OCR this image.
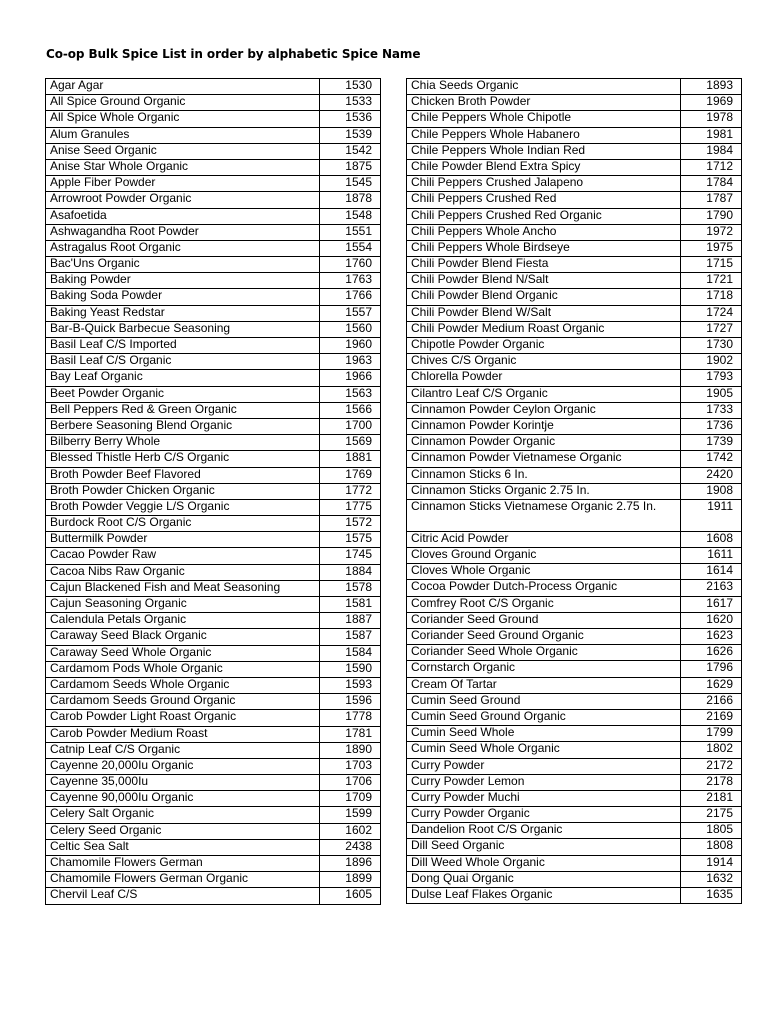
Co-op Bulk Spice List in order by alphabetic Spice Name
Agar Agar	1530
All Spice Ground Organic	1533
All Spice Whole Organic	1536
Alum Granules	1539
Anise Seed Organic	1542
Anise Star Whole Organic	1875
Apple Fiber Powder	1545
Arrowroot Powder Organic	1878
Asafoetida	1548
Ashwagandha Root Powder	1551
Astragalus Root Organic	1554
Bac'Uns Organic	1760
Baking Powder	1763
Baking Soda Powder	1766
Baking Yeast Redstar	1557
Bar-B-Quick Barbecue Seasoning	1560
Basil Leaf C/S Imported	1960
Basil Leaf C/S Organic	1963
Bay Leaf Organic	1966
Beet Powder Organic	1563
Bell Peppers Red & Green Organic	1566
Berbere Seasoning Blend Organic	1700
Bilberry Berry Whole	1569
Blessed Thistle Herb C/S Organic	1881
Broth Powder Beef Flavored	1769
Broth Powder Chicken Organic	1772
Broth Powder Veggie L/S Organic	1775
Burdock Root C/S Organic	1572
Buttermilk Powder	1575
Cacao Powder Raw	1745
Cacoa Nibs Raw Organic	1884
Cajun Blackened Fish and Meat Seasoning	1578
Cajun Seasoning Organic	1581
Calendula Petals Organic	1887
Caraway Seed Black Organic	1587
Caraway Seed Whole Organic	1584
Cardamom Pods Whole Organic	1590
Cardamom Seeds Whole Organic	1593
Cardamom Seeds Ground Organic	1596
Carob Powder Light Roast Organic	1778
Carob Powder Medium Roast	1781
Catnip Leaf C/S Organic	1890
Cayenne 20,000Iu Organic	1703
Cayenne 35,000Iu	1706
Cayenne 90,000Iu Organic	1709
Celery Salt Organic	1599
Celery Seed Organic	1602
Celtic Sea Salt	2438
Chamomile Flowers German	1896
Chamomile Flowers German Organic	1899
Chervil Leaf C/S	1605
Chia Seeds Organic	1893
Chicken Broth Powder	1969
Chile Peppers Whole Chipotle	1978
Chile Peppers Whole Habanero	1981
Chile Peppers Whole Indian Red	1984
Chile Powder Blend Extra Spicy	1712
Chili Peppers Crushed Jalapeno	1784
Chili Peppers Crushed Red	1787
Chili Peppers Crushed Red Organic	1790
Chili Peppers Whole Ancho	1972
Chili Peppers Whole Birdseye	1975
Chili Powder Blend Fiesta	1715
Chili Powder Blend N/Salt	1721
Chili Powder Blend Organic	1718
Chili Powder Blend W/Salt	1724
Chili Powder Medium Roast Organic	1727
Chipotle Powder Organic	1730
Chives C/S Organic	1902
Chlorella Powder	1793
Cilantro Leaf C/S Organic	1905
Cinnamon Powder Ceylon Organic	1733
Cinnamon Powder Korintje	1736
Cinnamon Powder Organic	1739
Cinnamon Powder Vietnamese Organic	1742
Cinnamon Sticks 6 In.	2420
Cinnamon Sticks Organic 2.75 In.	1908
Cinnamon Sticks Vietnamese Organic 2.75 In.	1911
Citric Acid Powder	1608
Cloves Ground Organic	1611
Cloves Whole Organic	1614
Cocoa Powder Dutch-Process Organic	2163
Comfrey Root C/S Organic	1617
Coriander Seed Ground	1620
Coriander Seed Ground Organic	1623
Coriander Seed Whole Organic	1626
Cornstarch Organic	1796
Cream Of Tartar	1629
Cumin Seed Ground	2166
Cumin Seed Ground Organic	2169
Cumin Seed Whole	1799
Cumin Seed Whole Organic	1802
Curry Powder	2172
Curry Powder Lemon	2178
Curry Powder Muchi	2181
Curry Powder Organic	2175
Dandelion Root C/S Organic	1805
Dill Seed Organic	1808
Dill Weed Whole Organic	1914
Dong Quai Organic	1632
Dulse Leaf Flakes Organic	1635
